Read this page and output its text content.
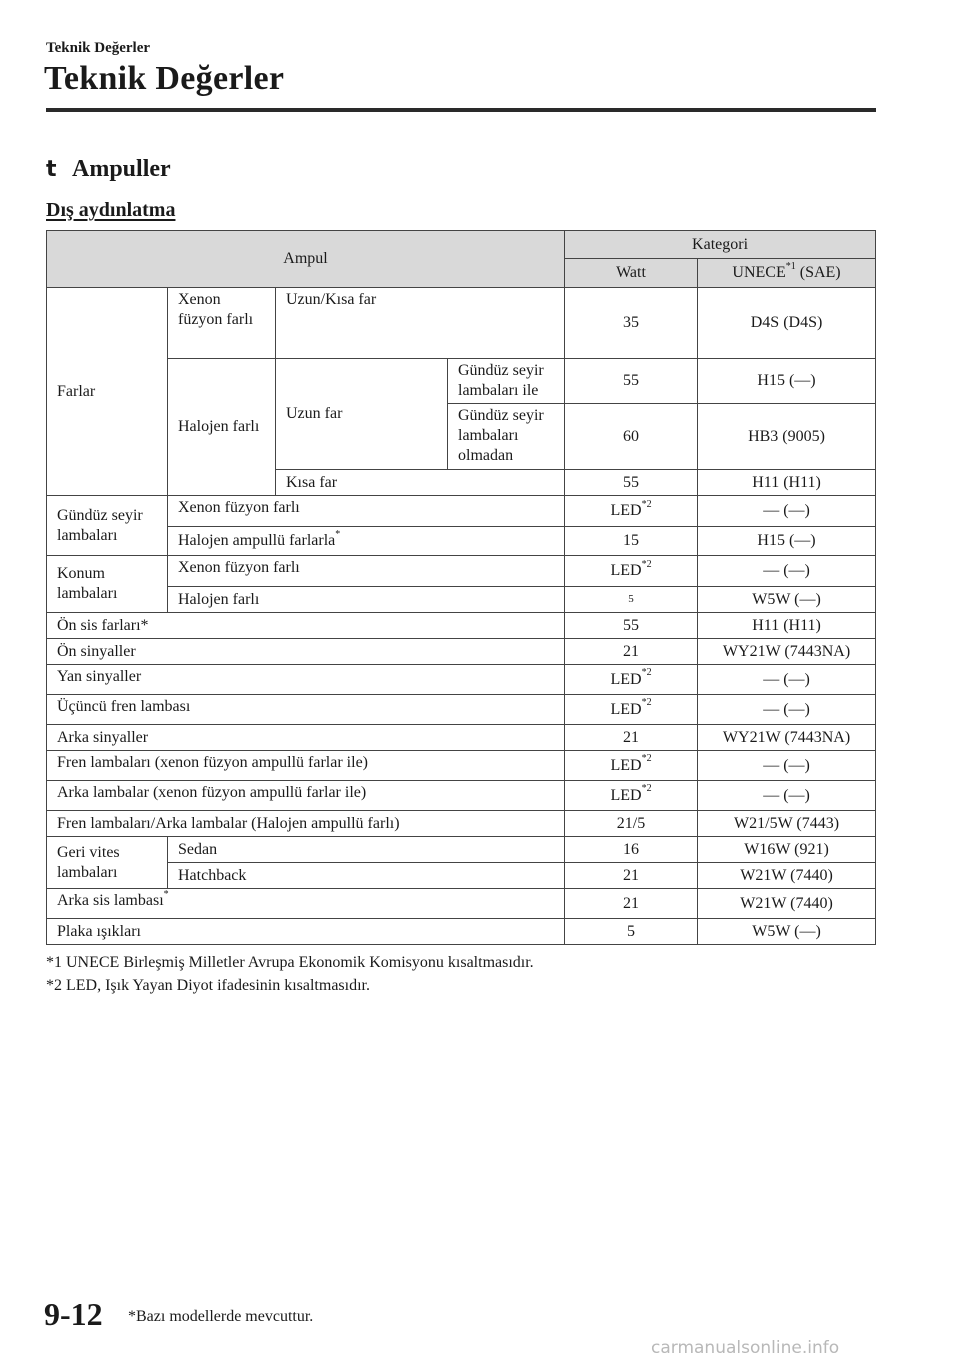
Teknik Değerler
Teknik Değerler
t Ampuller
Dış aydınlatma
Ampul				Kategori	
				Watt	UNECE$^{*1}$ (SAE)
Farlar	Xenon füzyon farlı	Uzun/Kısa far		35	D4S (D4S)
	Halojen farlı	Uzun far	Gündüz seyir lambaları ile	55	H15 (—)
			Gündüz seyir lambaları olmadan	60	HB3 (9005)
		Kısa far		55	H11 (H11)
Gündüz seyir lambaları	Xenon füzyon farlı			LED$^{*2}$	— (—)
	Halojen ampullü farlarla*			15	H15 (—)
Konum lambaları	Xenon füzyon farlı			LED$^{*2}$	— (—)
	Halojen farlı			5	W5W (—)
Ön sis farları*				55	H11 (H11)
Ön sinyaller				21	WY21W (7443NA)
Yan sinyaller				LED$^{*2}$	— (—)
Üçüncü fren lambası				LED$^{*2}$	— (—)
Arka sinyaller				21	WY21W (7443NA)
Fren lambaları (xenon füzyon ampullü farlar ile)				LED$^{*2}$	— (—)
Arka lambalar (xenon füzyon ampullü farlar ile)				LED$^{*2}$	— (—)
Fren lambaları/Arka lambalar (Halojen ampullü farlı)				21/5	W21/5W (7443)
Geri vites lambaları	Sedan			16	W16W (921)
	Hatchback			21	W21W (7440)
Arka sis lambası*				21	W21W (7440)
Plaka ışıkları				5	W5W (—)
*1 UNECE Birleşmiş Milletler Avrupa Ekonomik Komisyonu kısaltmasıdır.
*2 LED, Işık Yayan Diyot ifadesinin kısaltmasıdır.
9-12 *Bazı modellerde mevcuttur.
carmanualsonline.info
